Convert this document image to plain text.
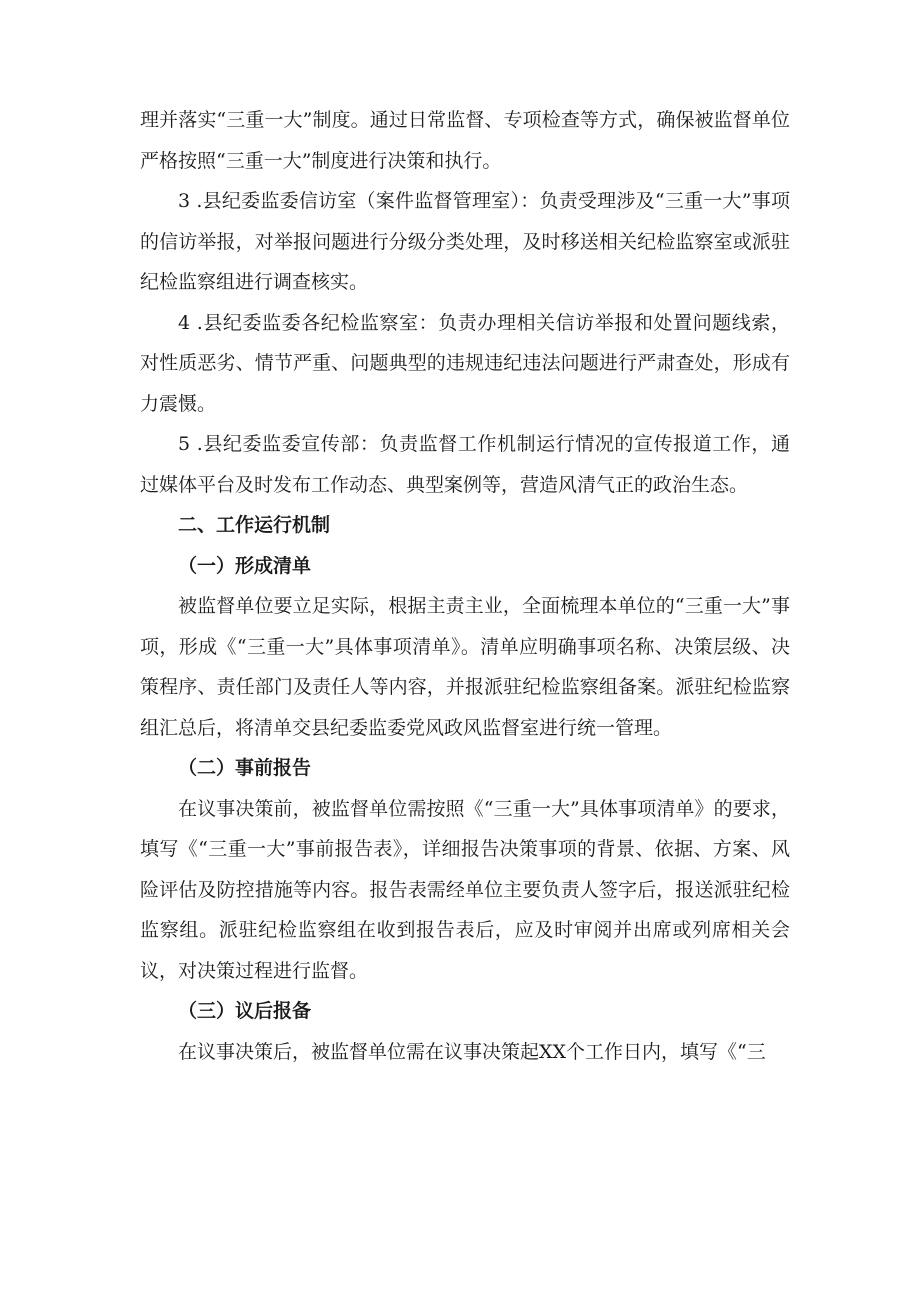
理并落实“三重一大”制度。通过日常监督、专项检查等方式，确保被监督单位严格按照“三重一大”制度进行决策和执行。

3 .县纪委监委信访室（案件监督管理室）：负责受理涉及“三重一大”事项的信访举报，对举报问题进行分级分类处理，及时移送相关纪检监察室或派驻纪检监察组进行调查核实。

4 .县纪委监委各纪检监察室：负责办理相关信访举报和处置问题线索，对性质恶劣、情节严重、问题典型的违规违纪违法问题进行严肃查处，形成有力震慑。

5 .县纪委监委宣传部：负责监督工作机制运行情况的宣传报道工作，通过媒体平台及时发布工作动态、典型案例等，营造风清气正的政治生态。

二、工作运行机制

（一）形成清单

被监督单位要立足实际，根据主责主业，全面梳理本单位的“三重一大”事项，形成《“三重一大”具体事项清单》。清单应明确事项名称、决策层级、决策程序、责任部门及责任人等内容，并报派驻纪检监察组备案。派驻纪检监察组汇总后，将清单交县纪委监委党风政风监督室进行统一管理。

（二）事前报告

在议事决策前，被监督单位需按照《“三重一大”具体事项清单》的要求，填写《“三重一大”事前报告表》，详细报告决策事项的背景、依据、方案、风险评估及防控措施等内容。报告表需经单位主要负责人签字后，报送派驻纪检监察组。派驻纪检监察组在收到报告表后，应及时审阅并出席或列席相关会议，对决策过程进行监督。

（三）议后报备

在议事决策后，被监督单位需在议事决策起XX个工作日内，填写《“三
